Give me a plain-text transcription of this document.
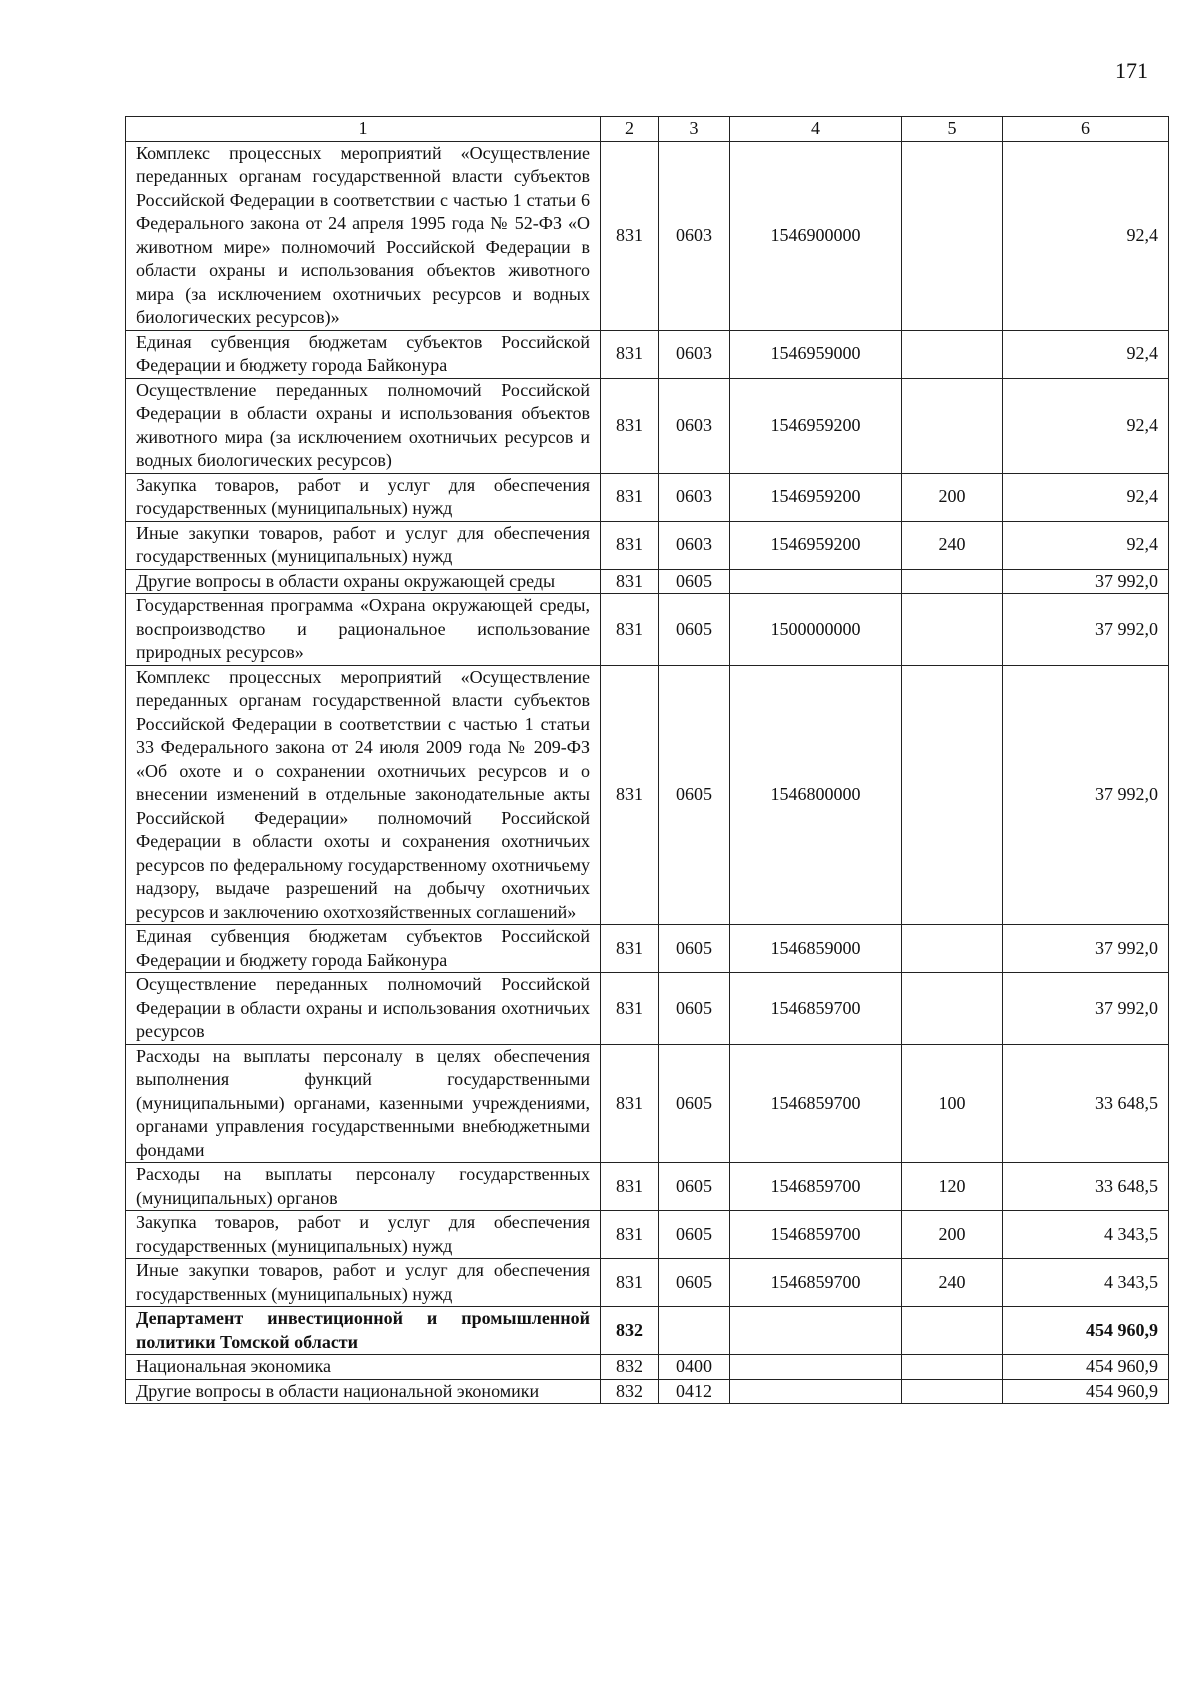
171
1	2	3	4	5	6
Комплекс процессных мероприятий «Осуществление переданных органам государственной власти субъектов Российской Федерации в соответствии с частью 1 статьи 6 Федерального закона от 24 апреля 1995 года № 52-ФЗ «О животном мире» полномочий Российской Федерации в области охраны и использования объектов животного мира (за исключением охотничьих ресурсов и водных биологических ресурсов)»	831	0603	1546900000		92,4
Единая субвенция бюджетам субъектов Российской Федерации и бюджету города Байконура	831	0603	1546959000		92,4
Осуществление переданных полномочий Российской Федерации в области охраны и использования объектов животного мира (за исключением охотничьих ресурсов и водных биологических ресурсов)	831	0603	1546959200		92,4
Закупка товаров, работ и услуг для обеспечения государственных (муниципальных) нужд	831	0603	1546959200	200	92,4
Иные закупки товаров, работ и услуг для обеспечения государственных (муниципальных) нужд	831	0603	1546959200	240	92,4
Другие вопросы в области охраны окружающей среды	831	0605			37 992,0
Государственная программа «Охрана окружающей среды, воспроизводство и рациональное использование природных ресурсов»	831	0605	1500000000		37 992,0
Комплекс процессных мероприятий «Осуществление переданных органам государственной власти субъектов Российской Федерации в соответствии с частью 1 статьи 33 Федерального закона от 24 июля 2009 года № 209-ФЗ «Об охоте и о сохранении охотничьих ресурсов и о внесении изменений в отдельные законодательные акты Российской Федерации» полномочий Российской Федерации в области охоты и сохранения охотничьих ресурсов по федеральному государственному охотничьему надзору, выдаче разрешений на добычу охотничьих ресурсов и заключению охотхозяйственных соглашений»	831	0605	1546800000		37 992,0
Единая субвенция бюджетам субъектов Российской Федерации и бюджету города Байконура	831	0605	1546859000		37 992,0
Осуществление переданных полномочий Российской Федерации в области охраны и использования охотничьих ресурсов	831	0605	1546859700		37 992,0
Расходы на выплаты персоналу в целях обеспечения выполнения функций государственными (муниципальными) органами, казенными учреждениями, органами управления государственными внебюджетными фондами	831	0605	1546859700	100	33 648,5
Расходы на выплаты персоналу государственных (муниципальных) органов	831	0605	1546859700	120	33 648,5
Закупка товаров, работ и услуг для обеспечения государственных (муниципальных) нужд	831	0605	1546859700	200	4 343,5
Иные закупки товаров, работ и услуг для обеспечения государственных (муниципальных) нужд	831	0605	1546859700	240	4 343,5
Департамент инвестиционной и промышленной политики Томской области	832				454 960,9
Национальная экономика	832	0400			454 960,9
Другие вопросы в области национальной экономики	832	0412			454 960,9
